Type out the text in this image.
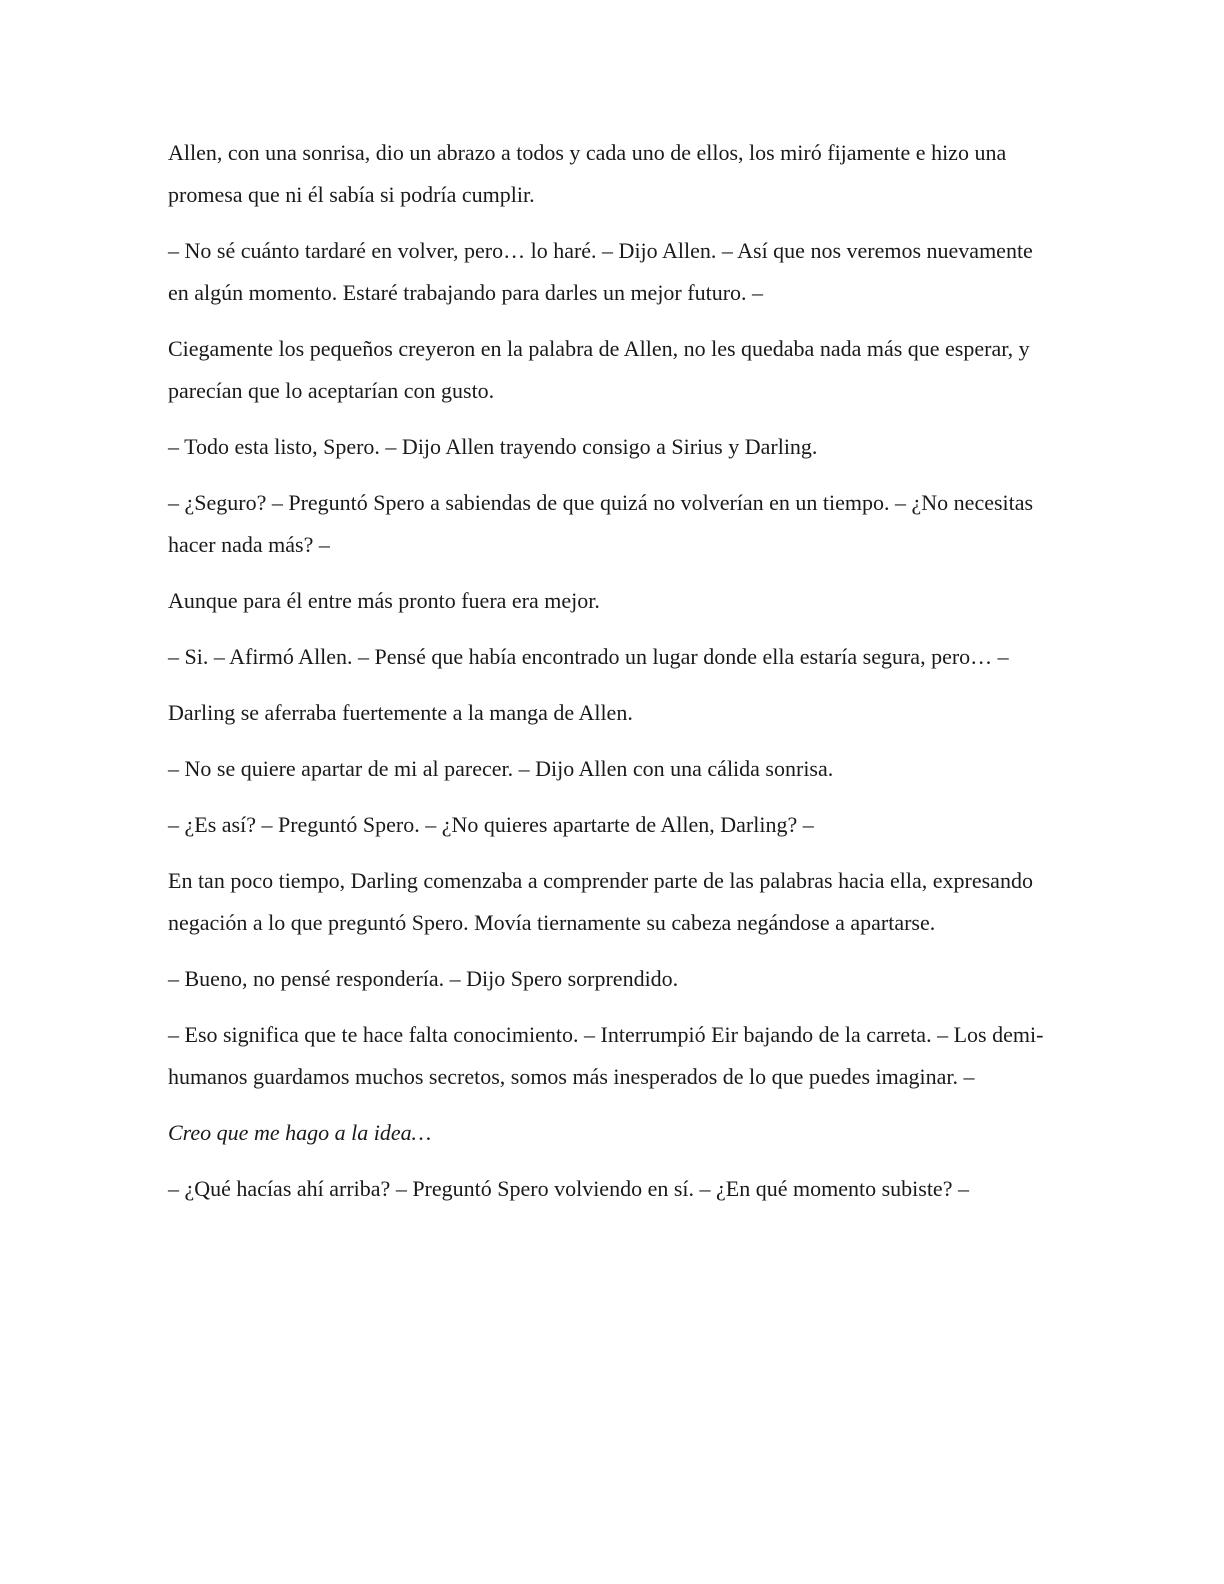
Allen, con una sonrisa, dio un abrazo a todos y cada uno de ellos, los miró fijamente e hizo una promesa que ni él sabía si podría cumplir.

– No sé cuánto tardaré en volver, pero… lo haré. – Dijo Allen. – Así que nos veremos nuevamente en algún momento. Estaré trabajando para darles un mejor futuro. –

Ciegamente los pequeños creyeron en la palabra de Allen, no les quedaba nada más que esperar, y parecían que lo aceptarían con gusto.

– Todo esta listo, Spero. – Dijo Allen trayendo consigo a Sirius y Darling.

– ¿Seguro? – Preguntó Spero a sabiendas de que quizá no volverían en un tiempo. – ¿No necesitas hacer nada más? –

Aunque para él entre más pronto fuera era mejor.

– Si. – Afirmó Allen. – Pensé que había encontrado un lugar donde ella estaría segura, pero… –

Darling se aferraba fuertemente a la manga de Allen.

– No se quiere apartar de mi al parecer. – Dijo Allen con una cálida sonrisa.

– ¿Es así? – Preguntó Spero. – ¿No quieres apartarte de Allen, Darling? –

En tan poco tiempo, Darling comenzaba a comprender parte de las palabras hacia ella, expresando negación a lo que preguntó Spero. Movía tiernamente su cabeza negándose a apartarse.

– Bueno, no pensé respondería. – Dijo Spero sorprendido.

– Eso significa que te hace falta conocimiento. – Interrumpió Eir bajando de la carreta. – Los demi-humanos guardamos muchos secretos, somos más inesperados de lo que puedes imaginar. –

Creo que me hago a la idea…

– ¿Qué hacías ahí arriba? – Preguntó Spero volviendo en sí. – ¿En qué momento subiste? –
